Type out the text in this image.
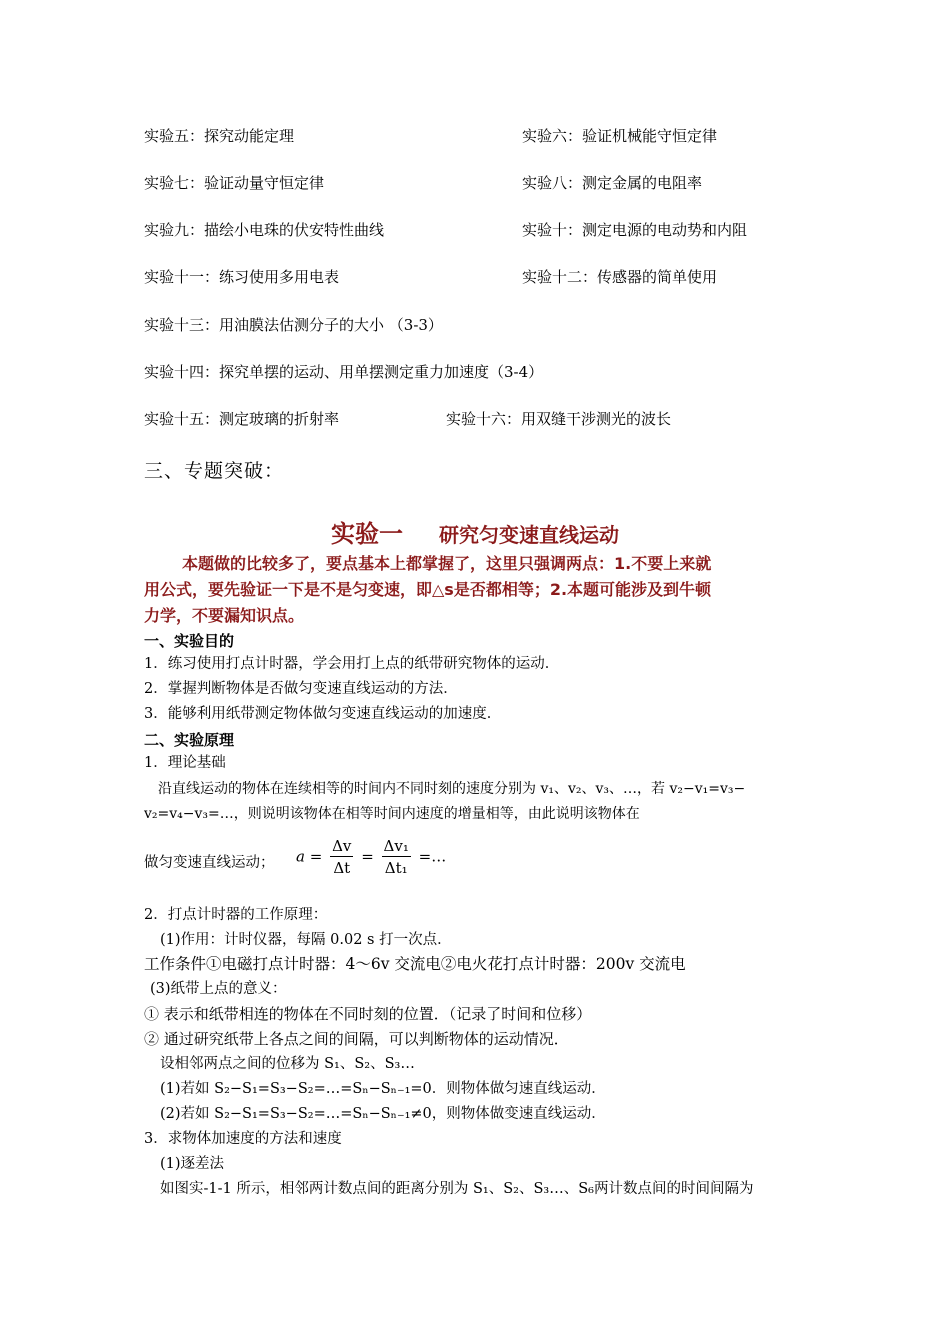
实验五：探究动能定理	实验六：验证机械能守恒定律
实验七：验证动量守恒定律	实验八：测定金属的电阻率
实验九：描绘小电珠的伏安特性曲线	实验十：测定电源的电动势和内阻
实验十一：练习使用多用电表	实验十二：传感器的简单使用
实验十三：用油膜法估测分子的大小 （3-3）
实验十四：探究单摆的运动、用单摆测定重力加速度（3-4）
实验十五：测定玻璃的折射率	实验十六：用双缝干涉测光的波长
三、专题突破：
实验一 研究匀变速直线运动

本题做的比较多了，要点基本上都掌握了，这里只强调两点：1.不要上来就

用公式，要先验证一下是不是匀变速，即△s是否都相等；2.本题可能涉及到牛顿

力学，不要漏知识点。

一、实验目的
1．练习使用打点计时器，学会用打上点的纸带研究物体的运动．
2．掌握判断物体是否做匀变速直线运动的方法．
3．能够利用纸带测定物体做匀变速直线运动的加速度．
二、实验原理
1．理论基础
沿直线运动的物体在连续相等的时间内不同时刻的速度分别为 v₁、v₂、v₃、…，若 v₂−v₁=v₃−
v₂=v₄−v₃=…，则说明该物体在相等时间内速度的增量相等，由此说明该物体在
做匀变速直线运动； $a = \frac{\Delta v}{\Delta t} = \frac{\text{Δv₁}}{\text{Δt₁}}$ =…
2．打点计时器的工作原理：
(1)作用：计时仪器，每隔 0.02 s 打一次点．
工作条件①电磁打点计时器：4～6v 交流电②电火花打点计时器：200v 交流电
(3)纸带上点的意义：
① 表示和纸带相连的物体在不同时刻的位置．（记录了时间和位移）
② 通过研究纸带上各点之间的间隔，可以判断物体的运动情况．
设相邻两点之间的位移为 S₁、S₂、S₃…
(1)若如 S₂−S₁=S₃−S₂=…=Sₙ−Sₙ₋₁=0．则物体做匀速直线运动．
(2)若如 S₂−S₁=S₃−S₂=…=Sₙ−Sₙ₋₁≠0，则物体做变速直线运动．
3．求物体加速度的方法和速度
(1)逐差法
如图实-1-1 所示，相邻两计数点间的距离分别为 S₁、S₂、S₃…、S₆两计数点间的时间间隔为
